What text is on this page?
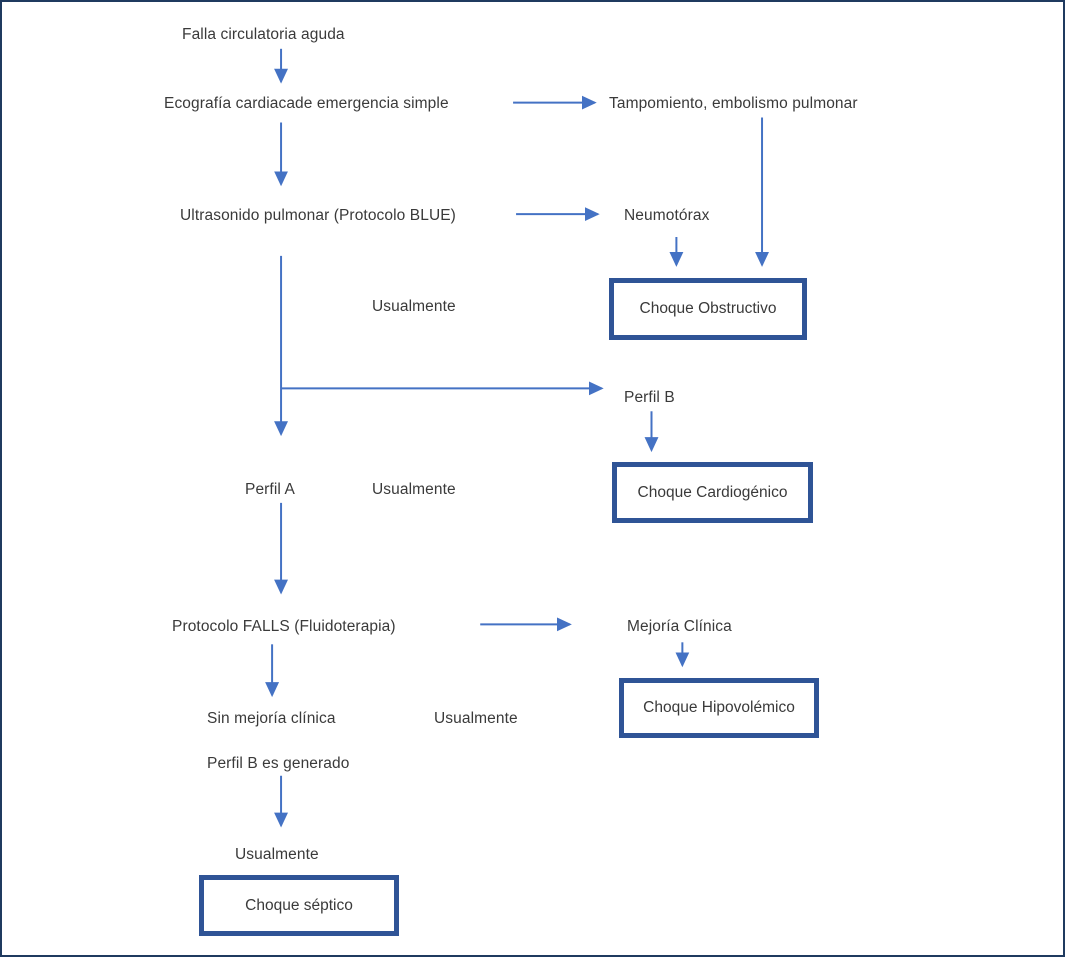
Falla circulatoria aguda
Ecografía cardiacade emergencia simple	Tampomiento, embolismo pulmonar
Ultrasonido pulmonar (Protocolo BLUE)	Neumotórax
Usualmente
Perfil B
Perfil A	Usualmente
Protocolo FALLS (Fluidoterapia)	Mejoría Clínica
Sin mejoría clínica	Usualmente
Perfil B es generado
Usualmente
Choque Obstructivo
Choque Cardiogénico
Choque Hipovolémico
Choque séptico
